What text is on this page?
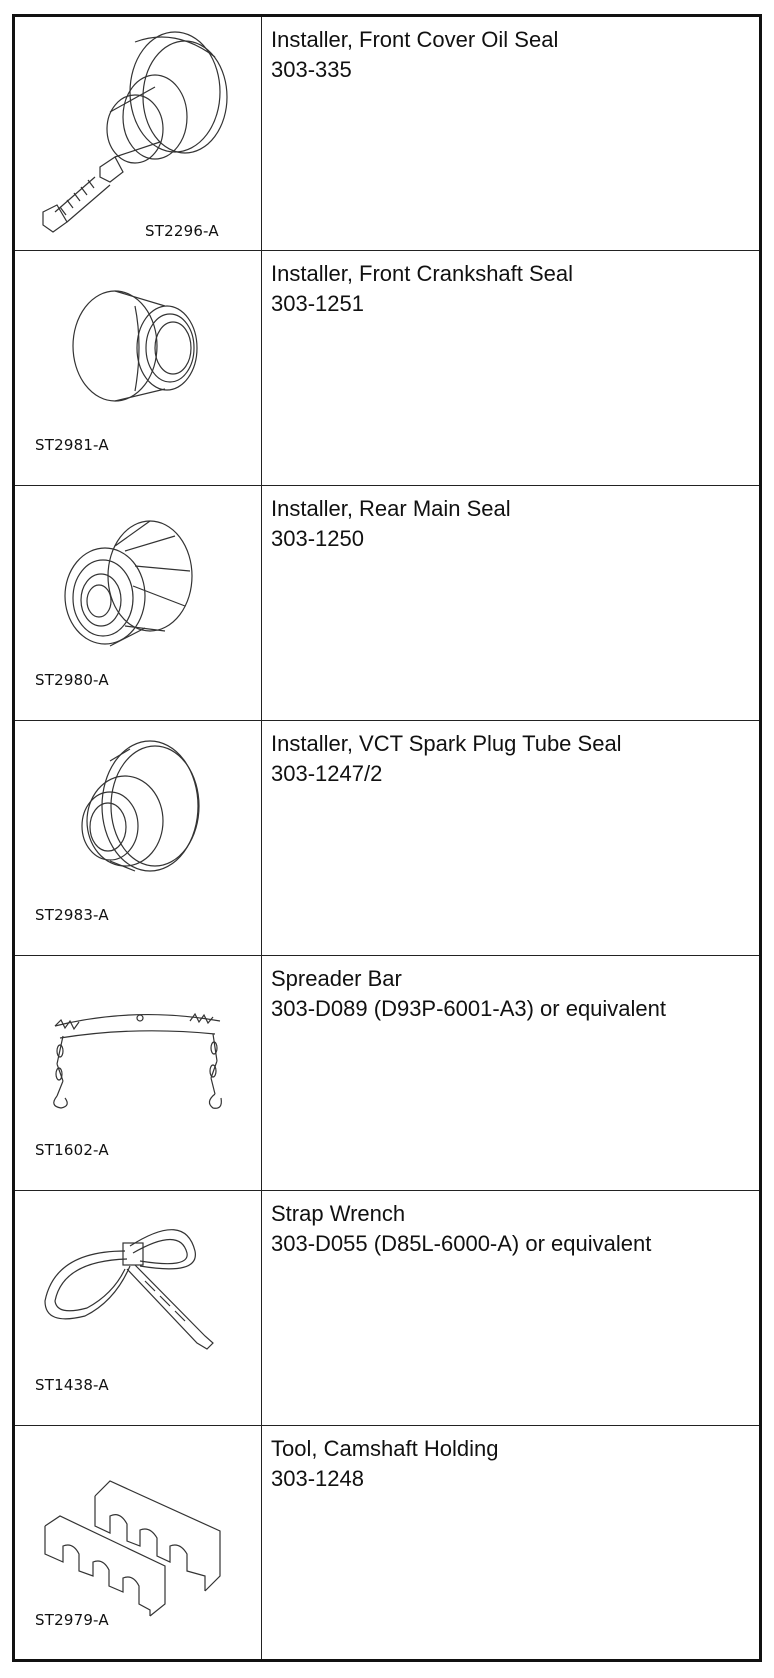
ST2296-A	Installer, Front Cover Oil Seal
303-335

ST2981-A	Installer, Front Crankshaft Seal
303-1251

ST2980-A	Installer, Rear Main Seal
303-1250

ST2983-A	Installer, VCT Spark Plug Tube Seal
303-1247/2

ST1602-A	Spreader Bar
303-D089 (D93P-6001-A3) or equivalent

ST1438-A	Strap Wrench
303-D055 (D85L-6000-A) or equivalent

ST2979-A	Tool, Camshaft Holding
303-1248
